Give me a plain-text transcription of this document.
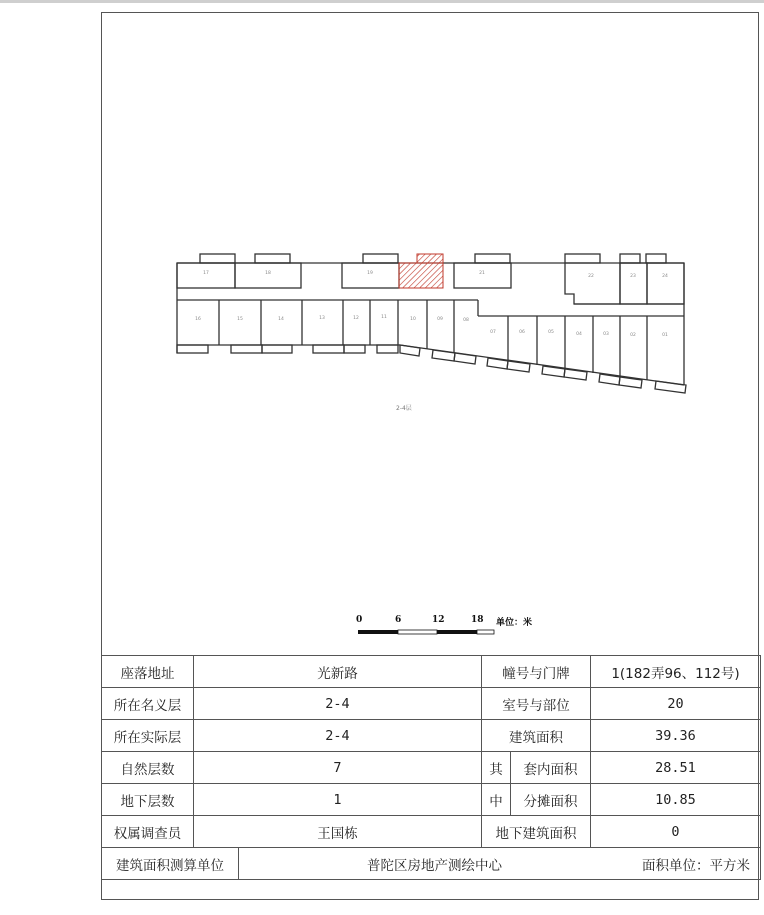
17	18	19	21
22	23	24
16	15	14	13	12	11	10	09	08
07	06	05	04	03	02	01
2-4层
0	6	12	18 单位：米
座落地址	光新路		幢号与门牌		1(182弄96、112号)
所在名义层	2-4		室号与部位		20
所在实际层	2-4		建筑面积		39.36
自然层数	7		其	套内面积	28.51
地下层数	1		中	分摊面积	10.85
权属调查员	王国栋		地下建筑面积		0
建筑面积测算单位		普陀区房地产测绘中心 面积单位：平方米			
